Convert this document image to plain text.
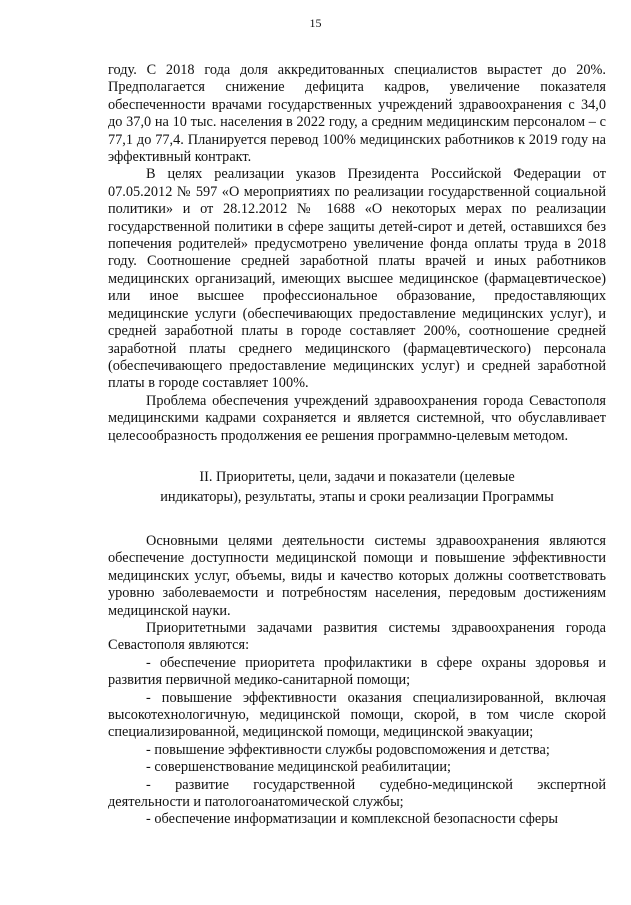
15

году. С 2018 года доля аккредитованных специалистов вырастет до 20%. Предполагается снижение дефицита кадров, увеличение показателя обеспеченности врачами государственных учреждений здравоохранения с 34,0 до 37,0 на 10 тыс. населения в 2022 году, а средним медицинским персоналом – с 77,1 до 77,4. Планируется перевод 100% медицинских работников к 2019 году на эффективный контракт.

В целях реализации указов Президента Российской Федерации от 07.05.2012 № 597 «О мероприятиях по реализации государственной социальной политики» и от 28.12.2012 № 1688 «О некоторых мерах по реализации государственной политики в сфере защиты детей-сирот и детей, оставшихся без попечения родителей» предусмотрено увеличение фонда оплаты труда в 2018 году. Соотношение средней заработной платы врачей и иных работников медицинских организаций, имеющих высшее медицинское (фармацевтическое) или иное высшее профессиональное образование, предоставляющих медицинские услуги (обеспечивающих предоставление медицинских услуг), и средней заработной платы в городе составляет 200%, соотношение средней заработной платы среднего медицинского (фармацевтического) персонала (обеспечивающего предоставление медицинских услуг) и средней заработной платы в городе составляет 100%.

Проблема обеспечения учреждений здравоохранения города Севастополя медицинскими кадрами сохраняется и является системной, что обуславливает целесообразность продолжения ее решения программно-целевым методом.

II. Приоритеты, цели, задачи и показатели (целевые
индикаторы), результаты, этапы и сроки реализации Программы

Основными целями деятельности системы здравоохранения являются обеспечение доступности медицинской помощи и повышение эффективности медицинских услуг, объемы, виды и качество которых должны соответствовать уровню заболеваемости и потребностям населения, передовым достижениям медицинской науки.

Приоритетными задачами развития системы здравоохранения города Севастополя являются:

- обеспечение приоритета профилактики в сфере охраны здоровья и развития первичной медико-санитарной помощи;

- повышение эффективности оказания специализированной, включая высокотехнологичную, медицинской помощи, скорой, в том числе скорой специализированной, медицинской помощи, медицинской эвакуации;

- повышение эффективности службы родовспоможения и детства;

- совершенствование медицинской реабилитации;

- развитие государственной судебно-медицинской экспертной деятельности и патологоанатомической службы;

- обеспечение информатизации и комплексной безопасности сферы
